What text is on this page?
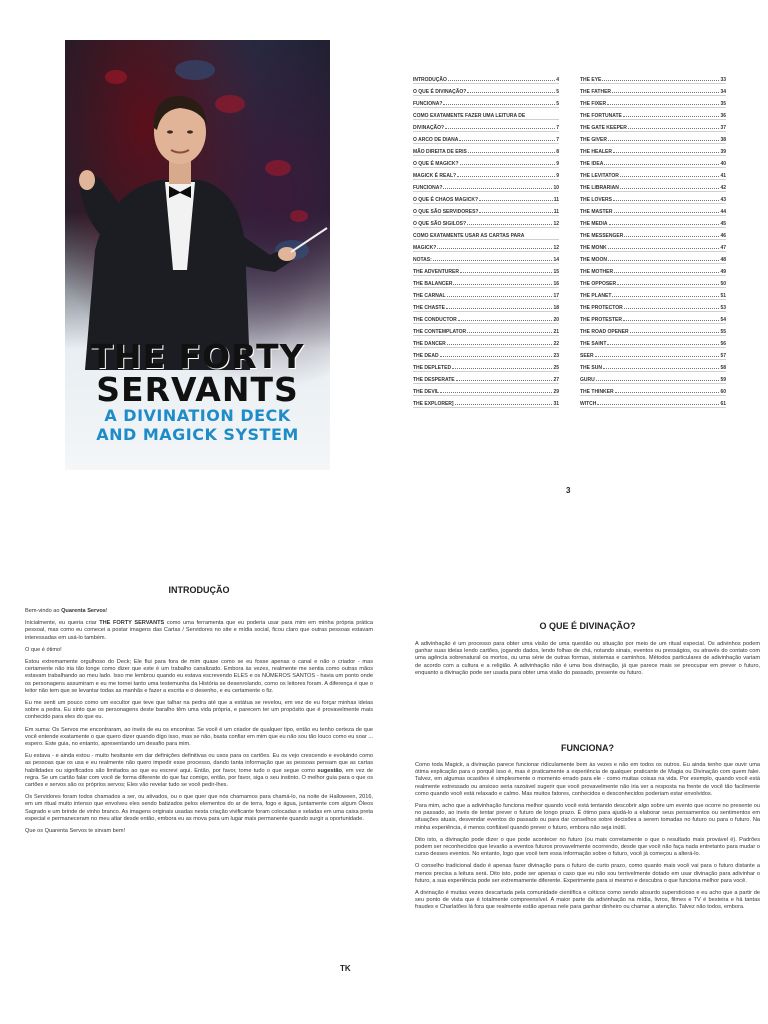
THE FORTY
SERVANTS
A DIVINATION DECK
AND MAGICK SYSTEM
INTRODUÇÃO	4
O QUE É DIVINAÇÃO?	5
FUNCIONA?	5
COMO EXATAMENTE FAZER UMA LEITURA DE
DIVINAÇÃO?	7
O ARCO DE DIANA	7
MÃO DIREITA DE ERIS	8
O QUE É MAGICK?	9
MAGICK É REAL?	9
FUNCIONA?	10
O QUE É CHAOS MAGICK?	11
O QUE SÃO SERVIDORES?	11
O QUE SÃO SIGILOS?	12
COMO EXATAMENTE USAR AS CARTAS PARA
MAGICK?	12
NOTAS:	14
THE ADVENTURER	15
THE BALANCER	16
THE CARNAL	17
THE CHASTE	18
THE CONDUCTOR	20
THE CONTEMPLATOR	21
THE DANCER	22
THE DEAD	23
THE DEPLETED	25
THE DESPERATE	27
THE DEVIL	29
THE EXPLORER]	31
THE EYE	33
THE FATHER	34
THE FIXER	35
THE FORTUNATE	36
THE GATE KEEPER	37
THE GIVER	38
THE HEALER	39
THE IDEA	40
THE LEVITATOR	41
THE LIBRARIAN	42
THE LOVERS	43
THE MASTER	44
THE MEDIA	45
THE MESSENGER	46
THE MONK	47
THE MOON	48
THE MOTHER	49
THE OPPOSER	50
THE PLANET	51
THE PROTECTOR	53
THE PROTESTER	54
THE ROAD OPENER	55
THE SAINT	56
SEER	57
THE SUN	58
GURU	59
THE THINKER	60
WITCH	61
3
INTRODUÇÃO

Bem-vindo ao Quarenta Servos!

Inicialmente, eu queria criar THE FORTY SERVANTS como uma ferramenta que eu poderia usar para mim em minha própria prática pessoal, mas como eu comecei a postar imagens das Cartas / Servidores no site e mídia social, ficou claro que outras pessoas estavam interessadas em usá-lo também.

O que é ótimo!

Estou extremamente orgulhoso do Deck; Ele flui para fora de mim quase como se eu fosse apenas o canal e não o criador - mas certamente não iria tão longe como dizer que este é um trabalho canalizado. Embora às vezes, realmente me sentia como outras mãos estavam trabalhando ao meu lado. Isso me lembrou quando eu estava escrevendo ELES e os NÚMEROS SANTOS - havia um ponto onde os personagens assumiram e eu me tornei tanto uma testemunha da História se desenrolando, como os leitores foram. A diferença é que o leitor não tem que se levantar todas as manhãs e fazer a escrita e o desenho, e eu certamente o fiz.

Eu me senti um pouco como um escultor que teve que talhar na pedra até que a estátua se revelou, em vez de eu forçar minhas ideias sobre a pedra. Eu sinto que os personagens deste baralho têm uma vida própria, e parecem ter um propósito que é provavelmente mais conhecido para eles do que eu.

Em suma: Os Servos me encontraram, ao invés de eu os encontrar. Se você é um criador de qualquer tipo, então eu tenho certeza de que você entende exatamente o que quero dizer quando digo isso, mas se não, basta confiar em mim que eu não sou tão louco como eu soar ... espero. Este guia, no entanto, apresentando um desafio para mim.

Eu estava - e ainda estou - muito hesitante em dar definições definitivas ou usos para os cartões. Eu os vejo crescendo e evoluindo como as pessoas que os usa e eu realmente não quero impedir esse processo, dando tanta informação que as pessoas pensam que as cartas habilidades ou significados são limitados ao que eu escrevi aqui. Então, por favor, tome tudo o que segue como sugestão, em vez de regra. Se um cartão falar com você de forma diferente do que faz comigo, então, por favor, siga o seu instinto. O melhor guia para o que os cartões e servos são os próprios servos; Eles vão revelar tudo se você pedir-lhes.

Os Servidores foram todos chamados a ser, ou ativados, ou o que quer que nós chamamos para chamá-lo, na noite de Halloween, 2016, em um ritual muito intenso que envolveu eles sendo batizados pelos elementos do ar de terra, fogo e água, juntamente com algum Óleos Sagrado e um brinde de vinho branco. As imagens originais usadas nesta criação vivificante foram colocadas e seladas em uma caixa preta especial e permaneceram no meu altar desde então, embora eu as mova para um lugar mais permanente quando surgir a oportunidade.

Que os Quarenta Servos te sirvam bem!

TK
O QUE É DIVINAÇÃO?

A adivinhação é um processo para obter uma visão de uma questão ou situação por meio de um ritual especial. Os adivinhos podem ganhar suas ideias lendo cartões, jogando dados, lendo folhas de chá, notando sinais, eventos ou presságios, ou através do contato com uma agência sobrenatural os mortos, ou uma série de outras formas, sistemas e caminhos. Métodos particulares de adivinhação variam de acordo com a cultura e a religião. A adivinhação não é uma boa divinação, já que parece mais se preocupar em prever o futuro, enquanto a divinação pode ser usada para obter uma visão do passado, presente ou futuro.

FUNCIONA?

Como toda Magick, a divinação parece funcionar ridiculamente bem às vezes e não em todos os outros. Eu ainda tenho que ouvir uma ótima explicação para o porquê isso é, mas é praticamente a experiência de qualquer praticante de Magia ou Divinação com quem falei. Talvez, em algumas ocasiões é simplesmente o momento errado para ele - como muitas coisas na vida. Por exemplo, quando você está realmente estressado ou ansioso seria razoável sugerir que você provavelmente não iria ver a resposta na frente de você tão facilmente como quando você está relaxado e calmo. Mas muitos fatores, conhecidos e desconhecidos poderiam estar envolvidos.

Para mim, acho que a adivinhação funciona melhor quando você está tentando descobrir algo sobre um evento que ocorre no presente ou no passado, ao invés de tentar prever o futuro de longo prazo. É ótimo para ajudá-lo a elaborar seus pensamentos ou sentimentos em situações atuais, desvendar eventos do passado ou para dar conselhos sobre decisões a serem tomadas no futuro ou para o futuro. Na minha experiência, é menos confiável quando prever o futuro, embora não seja inútil.

Dito isto, a divinação pode dizer o que pode acontecer no futuro (ou mais corretamente o que o resultado mais provável é). Padrões podem ser reconhecidos que levarão a eventos futuros provavelmente ocorrendo, desde que você não faça nada entretanto para mudar o curso desses eventos. No entanto, logo que você tem essa informação sobre o futuro, você já começou a alterá-lo.

O conselho tradicional dado é apenas fazer divinação para o futuro de curto prazo, como quanto mais você vai para o futuro distante a menos precisa a leitura será. Dito isto, pode ser apenas o caso que eu não sou terrivelmente dotado em usar divinação para adivinhar o futuro, a sua experiência pode ser extremamente diferente. Experimente para si mesmo e descubra o que funciona melhor para você.

A divinação é muitas vezes descartada pela comunidade científica e céticos como sendo absurdo supersticioso e eu acho que a partir de seu ponto de vista que é totalmente compreensível. A maior parte da adivinhação na mídia, livros, filmes e TV é besteira e há tantas fraudes e Charlatões lá fora que realmente estão apenas nele para ganhar dinheiro ou chamar a atenção. Talvez não todos, embora.
